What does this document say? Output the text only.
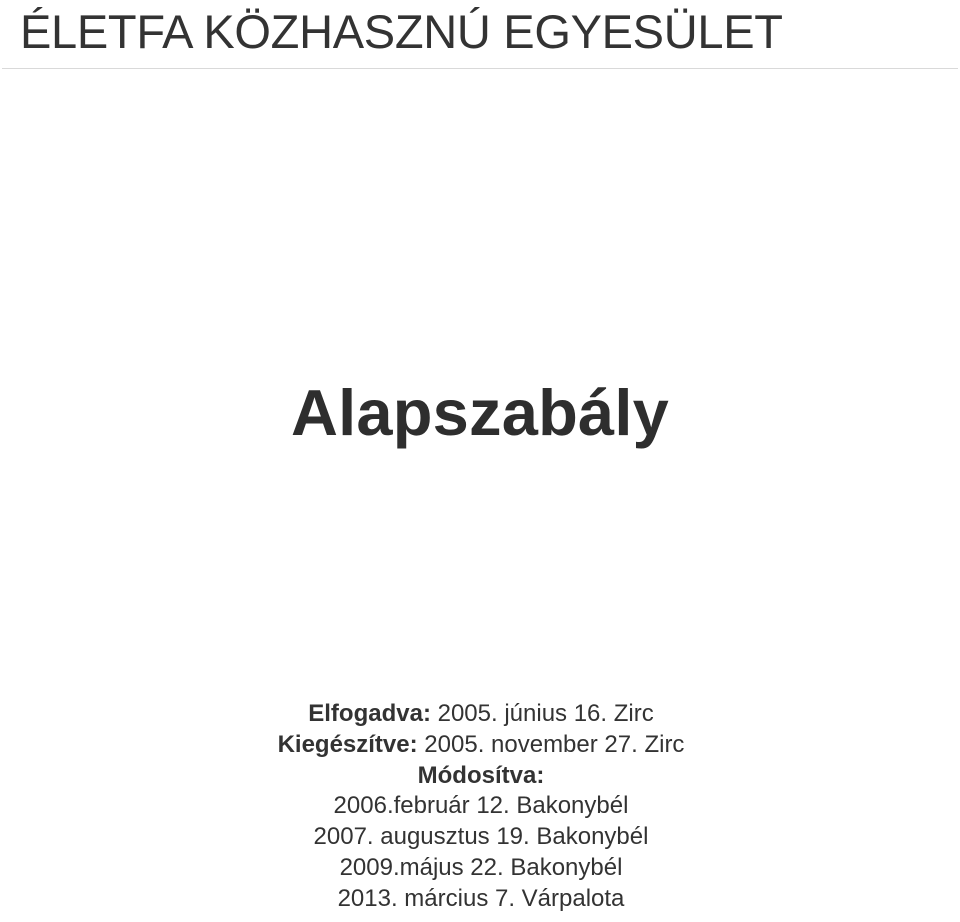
ÉLETFA KÖZHASZNÚ EGYESÜLET
Alapszabály
Elfogadva: 2005. június 16. Zirc
Kiegészítve: 2005. november 27. Zirc
Módosítva:
2006.február 12. Bakonybél
2007. augusztus 19. Bakonybél
2009.május 22. Bakonybél
2013. március 7. Várpalota
